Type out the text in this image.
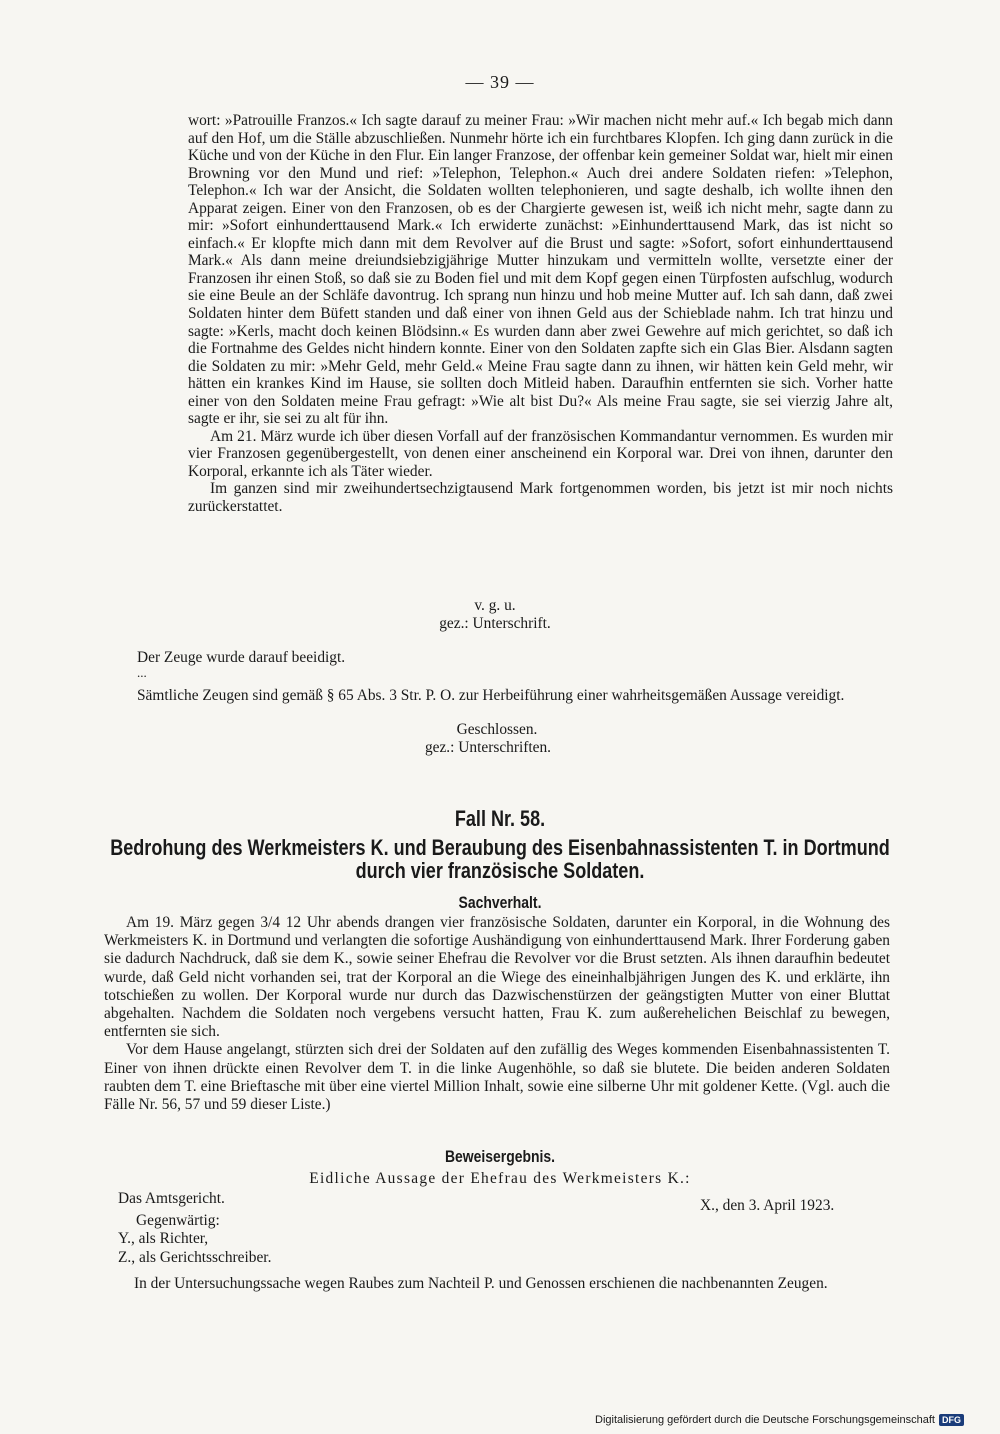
— 39 —

wort: »Patrouille Franzos.« Ich sagte darauf zu meiner Frau: »Wir machen nicht mehr auf.« Ich begab mich dann auf den Hof, um die Ställe abzuschließen. Nunmehr hörte ich ein furchtbares Klopfen. Ich ging dann zurück in die Küche und von der Küche in den Flur. Ein langer Franzose, der offenbar kein gemeiner Soldat war, hielt mir einen Browning vor den Mund und rief: »Telephon, Telephon.« Auch drei andere Soldaten riefen: »Telephon, Telephon.« Ich war der Ansicht, die Soldaten wollten telephonieren, und sagte deshalb, ich wollte ihnen den Apparat zeigen. Einer von den Franzosen, ob es der Chargierte gewesen ist, weiß ich nicht mehr, sagte dann zu mir: »Sofort einhunderttausend Mark.« Ich erwiderte zunächst: »Einhunderttausend Mark, das ist nicht so einfach.« Er klopfte mich dann mit dem Revolver auf die Brust und sagte: »Sofort, sofort einhunderttausend Mark.« Als dann meine dreiundsiebzigjährige Mutter hinzukam und vermitteln wollte, versetzte einer der Franzosen ihr einen Stoß, so daß sie zu Boden fiel und mit dem Kopf gegen einen Türpfosten aufschlug, wodurch sie eine Beule an der Schläfe davontrug. Ich sprang nun hinzu und hob meine Mutter auf. Ich sah dann, daß zwei Soldaten hinter dem Büfett standen und daß einer von ihnen Geld aus der Schieblade nahm. Ich trat hinzu und sagte: »Kerls, macht doch keinen Blödsinn.« Es wurden dann aber zwei Gewehre auf mich gerichtet, so daß ich die Fortnahme des Geldes nicht hindern konnte. Einer von den Soldaten zapfte sich ein Glas Bier. Alsdann sagten die Soldaten zu mir: »Mehr Geld, mehr Geld.« Meine Frau sagte dann zu ihnen, wir hätten kein Geld mehr, wir hätten ein krankes Kind im Hause, sie sollten doch Mitleid haben. Daraufhin entfernten sie sich. Vorher hatte einer von den Soldaten meine Frau gefragt: »Wie alt bist Du?« Als meine Frau sagte, sie sei vierzig Jahre alt, sagte er ihr, sie sei zu alt für ihn.

Am 21. März wurde ich über diesen Vorfall auf der französischen Kommandantur vernommen. Es wurden mir vier Franzosen gegenübergestellt, von denen einer anscheinend ein Korporal war. Drei von ihnen, darunter den Korporal, erkannte ich als Täter wieder.

Im ganzen sind mir zweihundertsechzigtausend Mark fortgenommen worden, bis jetzt ist mir noch nichts zurückerstattet.

v. g. u.
gez.: Unterschrift.
Der Zeuge wurde darauf beeidigt.
...

Sämtliche Zeugen sind gemäß § 65 Abs. 3 Str. P. O. zur Herbeiführung einer wahrheitsgemäßen Aussage vereidigt.

Geschlossen.
gez.: Unterschriften.
Fall Nr. 58.
Bedrohung des Werkmeisters K. und Beraubung des Eisenbahnassistenten T. in Dortmund
durch vier französische Soldaten.
Sachverhalt.

Am 19. März gegen 3/4 12 Uhr abends drangen vier französische Soldaten, darunter ein Korporal, in die Wohnung des Werkmeisters K. in Dortmund und verlangten die sofortige Aushändigung von einhunderttausend Mark. Ihrer Forderung gaben sie dadurch Nachdruck, daß sie dem K., sowie seiner Ehefrau die Revolver vor die Brust setzten. Als ihnen daraufhin bedeutet wurde, daß Geld nicht vorhanden sei, trat der Korporal an die Wiege des eineinhalbjährigen Jungen des K. und erklärte, ihn totschießen zu wollen. Der Korporal wurde nur durch das Dazwischenstürzen der geängstigten Mutter von einer Bluttat abgehalten. Nachdem die Soldaten noch vergebens versucht hatten, Frau K. zum außerehelichen Beischlaf zu bewegen, entfernten sie sich.

Vor dem Hause angelangt, stürzten sich drei der Soldaten auf den zufällig des Weges kommenden Eisenbahnassistenten T. Einer von ihnen drückte einen Revolver dem T. in die linke Augenhöhle, so daß sie blutete. Die beiden anderen Soldaten raubten dem T. eine Brieftasche mit über eine viertel Million Inhalt, sowie eine silberne Uhr mit goldener Kette. (Vgl. auch die Fälle Nr. 56, 57 und 59 dieser Liste.)

Beweisergebnis.
Eidliche Aussage der Ehefrau des Werkmeisters K.:
Das Amtsgericht.	X., den 3. April 1923.
Gegenwärtig:
Y., als Richter,
Z., als Gerichtsschreiber.

In der Untersuchungssache wegen Raubes zum Nachteil P. und Genossen erschienen die nachbenannten Zeugen.

Digitalisierung gefördert durch die Deutsche Forschungsgemeinschaft DFG
